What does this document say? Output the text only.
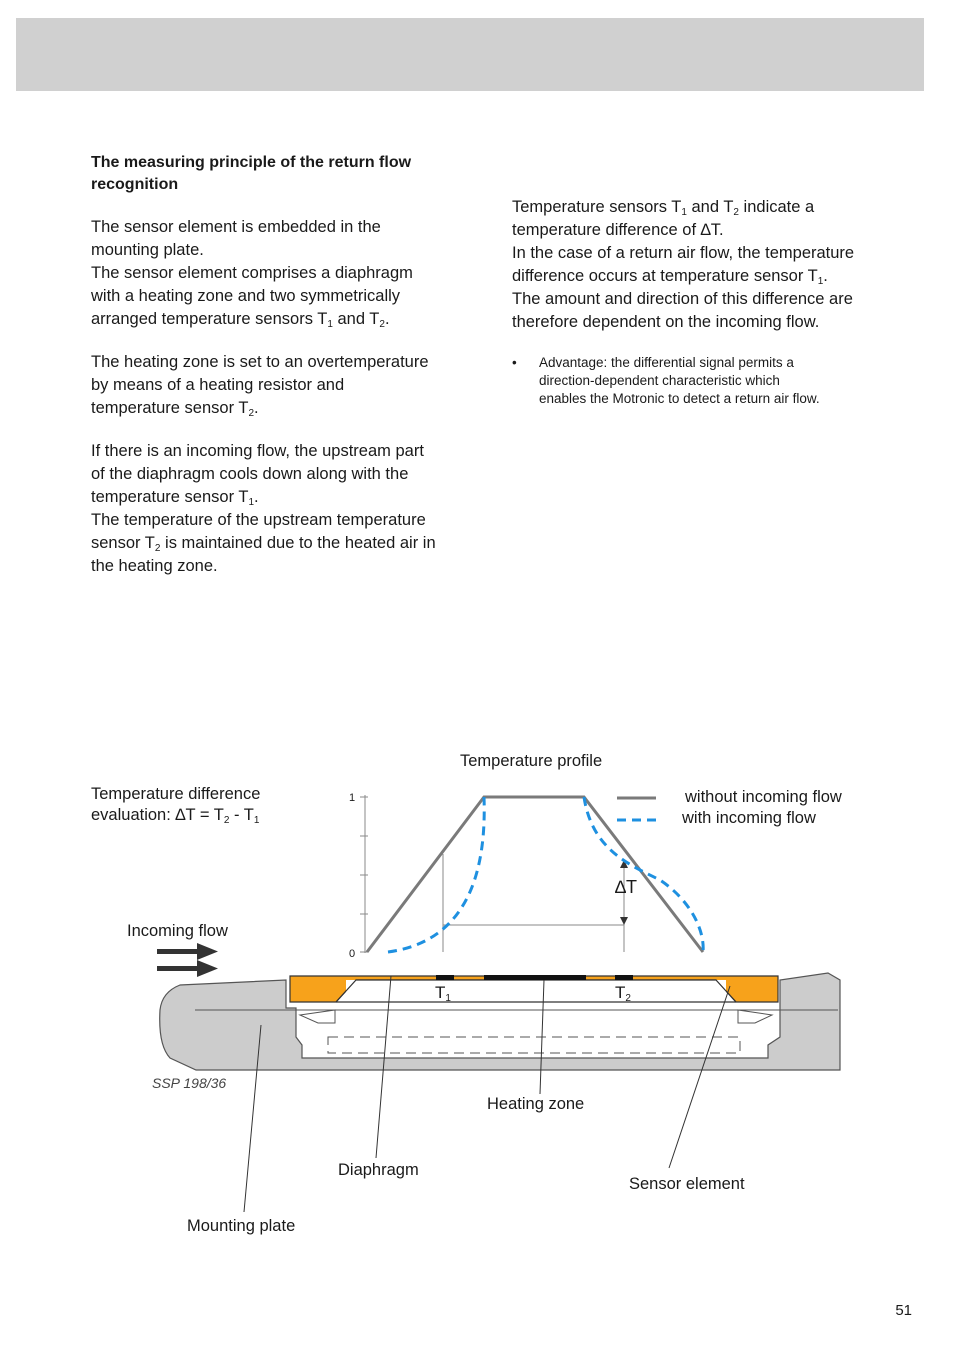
The measuring principle of the return flow recognition
The sensor element is embedded in the
mounting plate.
The sensor element comprises a diaphragm
with a heating zone and two symmetrically
arranged temperature sensors $T_1$ and $T_2$.
The heating zone is set to an overtemperature
by means of a heating resistor and
temperature sensor $T_2$.
If there is an incoming flow, the upstream part
of the diaphragm cools down along with the
temperature sensor $T_1$.
The temperature of the upstream temperature
sensor $T_2$ is maintained due to the heated air in
the heating zone.
Temperature sensors $T_1$ and $T_2$ indicate a
temperature difference of ∆T.
In the case of a return air flow, the temperature
difference occurs at temperature sensor $T_1$.
The amount and direction of this difference are
therefore dependent on the incoming flow.
•	Advantage: the differential signal permits a
direction-dependent characteristic which
enables the Motronic to detect a return air flow.
Temperature profile
Temperature difference
evaluation: $\Delta T = T_2 - T_1$
without incoming flow
with incoming flow
1
0
∆T
Incoming flow
$T_1$	$T_2$
Heating zone
Diaphragm
Sensor element
Mounting plate
SSP 198/36
51
